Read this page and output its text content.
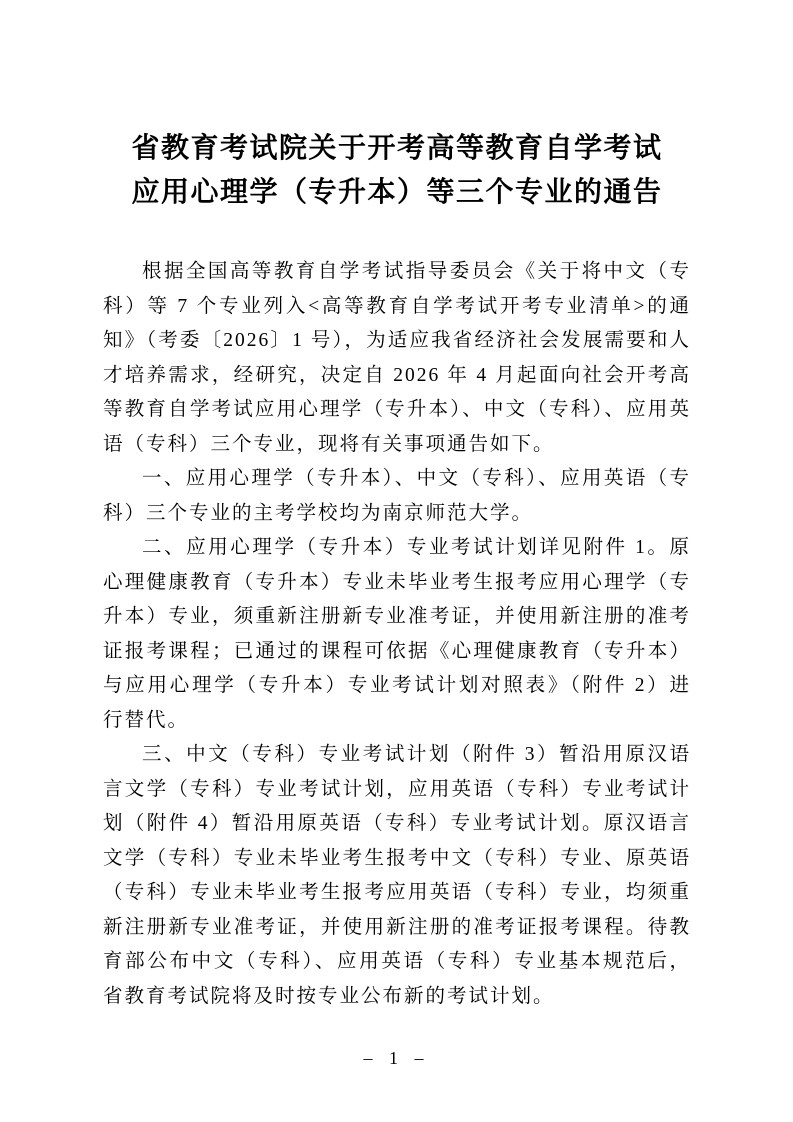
省教育考试院关于开考高等教育自学考试
应用心理学（专升本）等三个专业的通告

根据全国高等教育自学考试指导委员会《关于将中文（专科）等 7 个专业列入<高等教育自学考试开考专业清单>的通知》（考委〔2026〕1 号），为适应我省经济社会发展需要和人才培养需求，经研究，决定自 2026 年 4 月起面向社会开考高等教育自学考试应用心理学（专升本）、中文（专科）、应用英语（专科）三个专业，现将有关事项通告如下。

一、应用心理学（专升本）、中文（专科）、应用英语（专科）三个专业的主考学校均为南京师范大学。

二、应用心理学（专升本）专业考试计划详见附件 1。原心理健康教育（专升本）专业未毕业考生报考应用心理学（专升本）专业，须重新注册新专业准考证，并使用新注册的准考证报考课程；已通过的课程可依据《心理健康教育（专升本）与应用心理学（专升本）专业考试计划对照表》（附件 2）进行替代。

三、中文（专科）专业考试计划（附件 3）暂沿用原汉语言文学（专科）专业考试计划，应用英语（专科）专业考试计划（附件 4）暂沿用原英语（专科）专业考试计划。原汉语言文学（专科）专业未毕业考生报考中文（专科）专业、原英语（专科）专业未毕业考生报考应用英语（专科）专业，均须重新注册新专业准考证，并使用新注册的准考证报考课程。待教育部公布中文（专科）、应用英语（专科）专业基本规范后，省教育考试院将及时按专业公布新的考试计划。

– 1 –
